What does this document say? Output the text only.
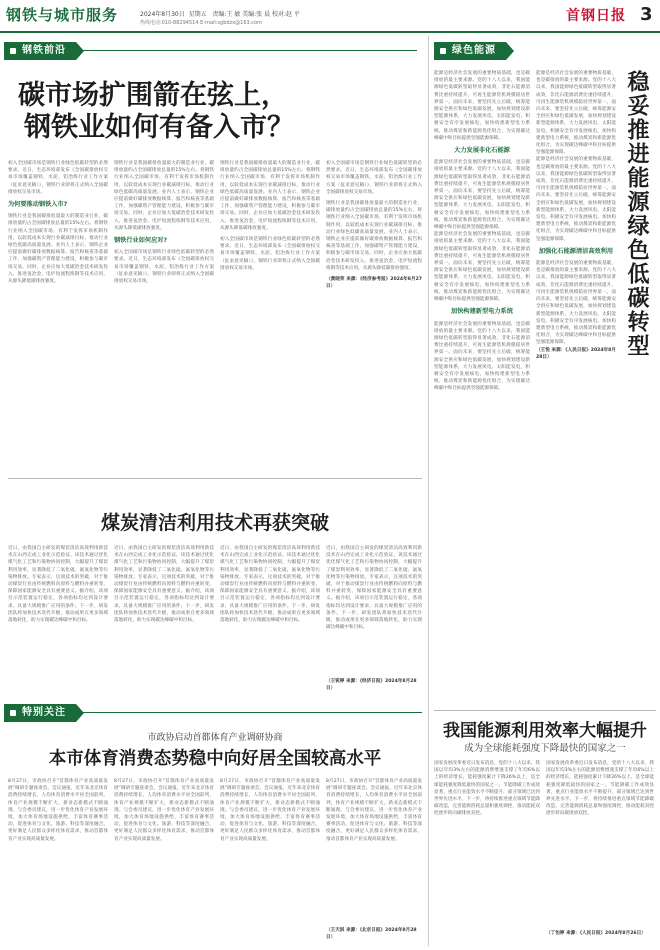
钢铁与城市服务	2024年8月30日 星期五 责编:王 敏 美编:张 晨 校对:赵 平
热线电话:010-88294514 E-mail:sgbdzx@163.com	首钢日报 3
钢铁前沿
碳市场扩围箭在弦上，
钢铁业如何有备入市？
初入全国碳市场是钢铁行业绿色低碳转型的必然要求。近日，生态环境部发布《全国碳排放权交易市场覆盖钢铁、水泥、铝冶炼行业工作方案（征求意见稿）》，钢铁行业即将正式纳入全国碳排放权交易市场。
为何要推动钢铁入市?
钢铁行业是我国碳排放量最大的制造业行业，碳排放量约占全国碳排放总量的15%左右。将钢铁行业纳入全国碳市场，有利于发挥市场机制作用，以较低成本实现行业碳减排目标，推动行业绿色低碳高质量发展。业内人士表示，钢铁企业应提前做好碳排放数据核算、报告和核查等基础工作，加强碳资产管理能力建设，积极参与碳市场交易。同时，企业应加大低碳冶金技术研发投入，推进氢冶金、电炉短流程炼钢等技术应用，从源头降低碳排放强度。
钢铁行业是我国碳排放量最大的制造业行业，碳排放量约占全国碳排放总量的15%左右。将钢铁行业纳入全国碳市场，有利于发挥市场机制作用，以较低成本实现行业碳减排目标，推动行业绿色低碳高质量发展。业内人士表示，钢铁企业应提前做好碳排放数据核算、报告和核查等基础工作，加强碳资产管理能力建设，积极参与碳市场交易。同时，企业应加大低碳冶金技术研发投入，推进氢冶金、电炉短流程炼钢等技术应用，从源头降低碳排放强度。
钢铁行业如何应对?
初入全国碳市场是钢铁行业绿色低碳转型的必然要求。近日，生态环境部发布《全国碳排放权交易市场覆盖钢铁、水泥、铝冶炼行业工作方案（征求意见稿）》，钢铁行业即将正式纳入全国碳排放权交易市场。
钢铁行业是我国碳排放量最大的制造业行业，碳排放量约占全国碳排放总量的15%左右。将钢铁行业纳入全国碳市场，有利于发挥市场机制作用，以较低成本实现行业碳减排目标，推动行业绿色低碳高质量发展。业内人士表示，钢铁企业应提前做好碳排放数据核算、报告和核查等基础工作，加强碳资产管理能力建设，积极参与碳市场交易。同时，企业应加大低碳冶金技术研发投入，推进氢冶金、电炉短流程炼钢等技术应用，从源头降低碳排放强度。
初入全国碳市场是钢铁行业绿色低碳转型的必然要求。近日，生态环境部发布《全国碳排放权交易市场覆盖钢铁、水泥、铝冶炼行业工作方案（征求意见稿）》，钢铁行业即将正式纳入全国碳排放权交易市场。
初入全国碳市场是钢铁行业绿色低碳转型的必然要求。近日，生态环境部发布《全国碳排放权交易市场覆盖钢铁、水泥、铝冶炼行业工作方案（征求意见稿）》，钢铁行业即将正式纳入全国碳排放权交易市场。
钢铁行业是我国碳排放量最大的制造业行业，碳排放量约占全国碳排放总量的15%左右。将钢铁行业纳入全国碳市场，有利于发挥市场机制作用，以较低成本实现行业碳减排目标，推动行业绿色低碳高质量发展。业内人士表示，钢铁企业应提前做好碳排放数据核算、报告和核查等基础工作，加强碳资产管理能力建设，积极参与碳市场交易。同时，企业应加大低碳冶金技术研发投入，推进氢冶金、电炉短流程炼钢等技术应用，从源头降低碳排放强度。
（黄晓荣 来源：《经济参考报》2024年8月27日）
煤炭清洁利用技术再获突破
近日，由我国自主研发的煤炭清洁高效利用新技术在山西完成工业化示范验证。该技术通过优化煤气化工艺和污染物协同控制，大幅提升了煤炭利用效率，显著降低了二氧化硫、氮氧化物等污染物排放。专家表示，这项技术的突破，对于推动煤炭行业由传统燃料向原料与燃料并重转变、保障国家能源安全具有重要意义。据介绍，该项目示范装置运行稳定，各项指标均达到设计要求，具备大规模推广应用的条件。下一步，研发团队将加快技术迭代升级，推动成果在更多领域落地转化，助力实现碳达峰碳中和目标。
近日，由我国自主研发的煤炭清洁高效利用新技术在山西完成工业化示范验证。该技术通过优化煤气化工艺和污染物协同控制，大幅提升了煤炭利用效率，显著降低了二氧化硫、氮氧化物等污染物排放。专家表示，这项技术的突破，对于推动煤炭行业由传统燃料向原料与燃料并重转变、保障国家能源安全具有重要意义。据介绍，该项目示范装置运行稳定，各项指标均达到设计要求，具备大规模推广应用的条件。下一步，研发团队将加快技术迭代升级，推动成果在更多领域落地转化，助力实现碳达峰碳中和目标。
近日，由我国自主研发的煤炭清洁高效利用新技术在山西完成工业化示范验证。该技术通过优化煤气化工艺和污染物协同控制，大幅提升了煤炭利用效率，显著降低了二氧化硫、氮氧化物等污染物排放。专家表示，这项技术的突破，对于推动煤炭行业由传统燃料向原料与燃料并重转变、保障国家能源安全具有重要意义。据介绍，该项目示范装置运行稳定，各项指标均达到设计要求，具备大规模推广应用的条件。下一步，研发团队将加快技术迭代升级，推动成果在更多领域落地转化，助力实现碳达峰碳中和目标。
近日，由我国自主研发的煤炭清洁高效利用新技术在山西完成工业化示范验证。该技术通过优化煤气化工艺和污染物协同控制，大幅提升了煤炭利用效率，显著降低了二氧化硫、氮氧化物等污染物排放。专家表示，这项技术的突破，对于推动煤炭行业由传统燃料向原料与燃料并重转变、保障国家能源安全具有重要意义。据介绍，该项目示范装置运行稳定，各项指标均达到设计要求，具备大规模推广应用的条件。下一步，研发团队将加快技术迭代升级，推动成果在更多领域落地转化，助力实现碳达峰碳中和目标。
（王锐婷 来源：《经济日报》2024年8月28日）
特别关注
市政协启动首都体育产业调研协商
本市体育消费态势稳中向好居全国较高水平
8月27日，市政协召开"首都体育产业高质量发展"调研专题座谈会。会议通报，近年来北京体育消费持续增长，人均体育消费水平居全国前列，体育产业规模不断扩大，新业态新模式不断涌现。与会委员建议，进一步优化体育产业发展环境，加大体育场地设施供给，丰富体育赛事活动，促进体育与文化、旅游、科技等深度融合，更好满足人民群众多样化体育需求，推动首都体育产业实现高质量发展。
8月27日，市政协召开"首都体育产业高质量发展"调研专题座谈会。会议通报，近年来北京体育消费持续增长，人均体育消费水平居全国前列，体育产业规模不断扩大，新业态新模式不断涌现。与会委员建议，进一步优化体育产业发展环境，加大体育场地设施供给，丰富体育赛事活动，促进体育与文化、旅游、科技等深度融合，更好满足人民群众多样化体育需求，推动首都体育产业实现高质量发展。
8月27日，市政协召开"首都体育产业高质量发展"调研专题座谈会。会议通报，近年来北京体育消费持续增长，人均体育消费水平居全国前列，体育产业规模不断扩大，新业态新模式不断涌现。与会委员建议，进一步优化体育产业发展环境，加大体育场地设施供给，丰富体育赛事活动，促进体育与文化、旅游、科技等深度融合，更好满足人民群众多样化体育需求，推动首都体育产业实现高质量发展。
8月27日，市政协召开"首都体育产业高质量发展"调研专题座谈会。会议通报，近年来北京体育消费持续增长，人均体育消费水平居全国前列，体育产业规模不断扩大，新业态新模式不断涌现。与会委员建议，进一步优化体育产业发展环境，加大体育场地设施供给，丰富体育赛事活动，促进体育与文化、旅游、科技等深度融合，更好满足人民群众多样化体育需求，推动首都体育产业实现高质量发展。
（王天淇 来源：《北京日报》2024年8月28日）
绿色能源
能源是经济社会发展的重要物质基础，也是碳排放的最主要来源。党的十八大以来，我国能源绿色低碳转型取得显著成效，非化石能源消费比重持续提升，可再生能源装机规模稳居世界第一。面向未来，要坚持先立后破，统筹能源安全供应和绿色低碳发展，加快规划建设新型能源体系，大力发展风电、太阳能发电，积极安全有序发展核电，加快构建新型电力系统，推动煤炭和新能源优化组合，为实现碳达峰碳中和目标提供坚强能源保障。
大力发展非化石能源
能源是经济社会发展的重要物质基础，也是碳排放的最主要来源。党的十八大以来，我国能源绿色低碳转型取得显著成效，非化石能源消费比重持续提升，可再生能源装机规模稳居世界第一。面向未来，要坚持先立后破，统筹能源安全供应和绿色低碳发展，加快规划建设新型能源体系，大力发展风电、太阳能发电，积极安全有序发展核电，加快构建新型电力系统，推动煤炭和新能源优化组合，为实现碳达峰碳中和目标提供坚强能源保障。
能源是经济社会发展的重要物质基础，也是碳排放的最主要来源。党的十八大以来，我国能源绿色低碳转型取得显著成效，非化石能源消费比重持续提升，可再生能源装机规模稳居世界第一。面向未来，要坚持先立后破，统筹能源安全供应和绿色低碳发展，加快规划建设新型能源体系，大力发展风电、太阳能发电，积极安全有序发展核电，加快构建新型电力系统，推动煤炭和新能源优化组合，为实现碳达峰碳中和目标提供坚强能源保障。
加快构建新型电力系统
能源是经济社会发展的重要物质基础，也是碳排放的最主要来源。党的十八大以来，我国能源绿色低碳转型取得显著成效，非化石能源消费比重持续提升，可再生能源装机规模稳居世界第一。面向未来，要坚持先立后破，统筹能源安全供应和绿色低碳发展，加快规划建设新型能源体系，大力发展风电、太阳能发电，积极安全有序发展核电，加快构建新型电力系统，推动煤炭和新能源优化组合，为实现碳达峰碳中和目标提供坚强能源保障。
能源是经济社会发展的重要物质基础，也是碳排放的最主要来源。党的十八大以来，我国能源绿色低碳转型取得显著成效，非化石能源消费比重持续提升，可再生能源装机规模稳居世界第一。面向未来，要坚持先立后破，统筹能源安全供应和绿色低碳发展，加快规划建设新型能源体系，大力发展风电、太阳能发电，积极安全有序发展核电，加快构建新型电力系统，推动煤炭和新能源优化组合，为实现碳达峰碳中和目标提供坚强能源保障。
能源是经济社会发展的重要物质基础，也是碳排放的最主要来源。党的十八大以来，我国能源绿色低碳转型取得显著成效，非化石能源消费比重持续提升，可再生能源装机规模稳居世界第一。面向未来，要坚持先立后破，统筹能源安全供应和绿色低碳发展，加快规划建设新型能源体系，大力发展风电、太阳能发电，积极安全有序发展核电，加快构建新型电力系统，推动煤炭和新能源优化组合，为实现碳达峰碳中和目标提供坚强能源保障。
加强化石能源清洁高效利用
能源是经济社会发展的重要物质基础，也是碳排放的最主要来源。党的十八大以来，我国能源绿色低碳转型取得显著成效，非化石能源消费比重持续提升，可再生能源装机规模稳居世界第一。面向未来，要坚持先立后破，统筹能源安全供应和绿色低碳发展，加快规划建设新型能源体系，大力发展风电、太阳能发电，积极安全有序发展核电，加快构建新型电力系统，推动煤炭和新能源优化组合，为实现碳达峰碳中和目标提供坚强能源保障。
（王悦 来源：《人民日报》2024年8月28日）	稳妥推进能源绿色低碳转型
我国能源利用效率大幅提升
成为全球能耗强度下降最快的国家之一
国家发展改革委近日发布消息，党的十八大以来，我国以年均3%左右的能源消费增速支撑了年均6%以上的经济增长，能耗强度累计下降26%以上，是全球能耗强度降低最快的国家之一。节能降碳工作成效显著，重点行业能效水平不断提升，部分领域已达到世界先进水平。下一步，将持续推进重点领域节能降碳改造，完善能源消耗总量和强度调控，推动能耗双控逐步转向碳排放双控。
国家发展改革委近日发布消息，党的十八大以来，我国以年均3%左右的能源消费增速支撑了年均6%以上的经济增长，能耗强度累计下降26%以上，是全球能耗强度降低最快的国家之一。节能降碳工作成效显著，重点行业能效水平不断提升，部分领域已达到世界先进水平。下一步，将持续推进重点领域节能降碳改造，完善能源消耗总量和强度调控，推动能耗双控逐步转向碳排放双控。
（丁怡婷 来源：《人民日报》2024年8月26日）
